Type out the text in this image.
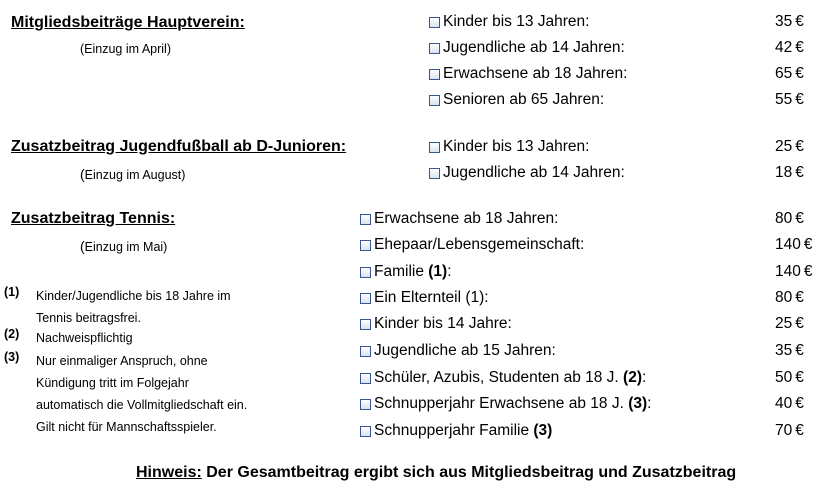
Mitgliedsbeiträge Hauptverein:
(Einzug im April)
Kinder bis 13 Jahren:	35 €
Jugendliche ab 14 Jahren:	42 €
Erwachsene ab 18 Jahren:	65 €
Senioren ab 65 Jahren:	55 €
Zusatzbeitrag Jugendfußball ab D-Junioren:
(Einzug im August)
Kinder bis 13 Jahren:	25 €
Jugendliche ab 14 Jahren:	18 €
Zusatzbeitrag Tennis:
(Einzug im Mai)
Erwachsene ab 18 Jahren:	80 €
Ehepaar/Lebensgemeinschaft:	140 €
Familie (1):	140 €
Ein Elternteil (1):	80 €
Kinder bis 14 Jahre:	25 €
Jugendliche ab 15 Jahren:	35 €
Schüler, Azubis, Studenten ab 18 J. (2):	50 €
Schnupperjahr Erwachsene ab 18 J. (3):	40 €
Schnupperjahr Familie (3)	70 €
(1) Kinder/Jugendliche bis 18 Jahre im
Tennis beitragsfrei.
(2) Nachweispflichtig
(3) Nur einmaliger Anspruch, ohne
Kündigung tritt im Folgejahr
automatisch die Vollmitgliedschaft ein.
Gilt nicht für Mannschaftsspieler.
Hinweis: Der Gesamtbeitrag ergibt sich aus Mitgliedsbeitrag und Zusatzbeitrag
